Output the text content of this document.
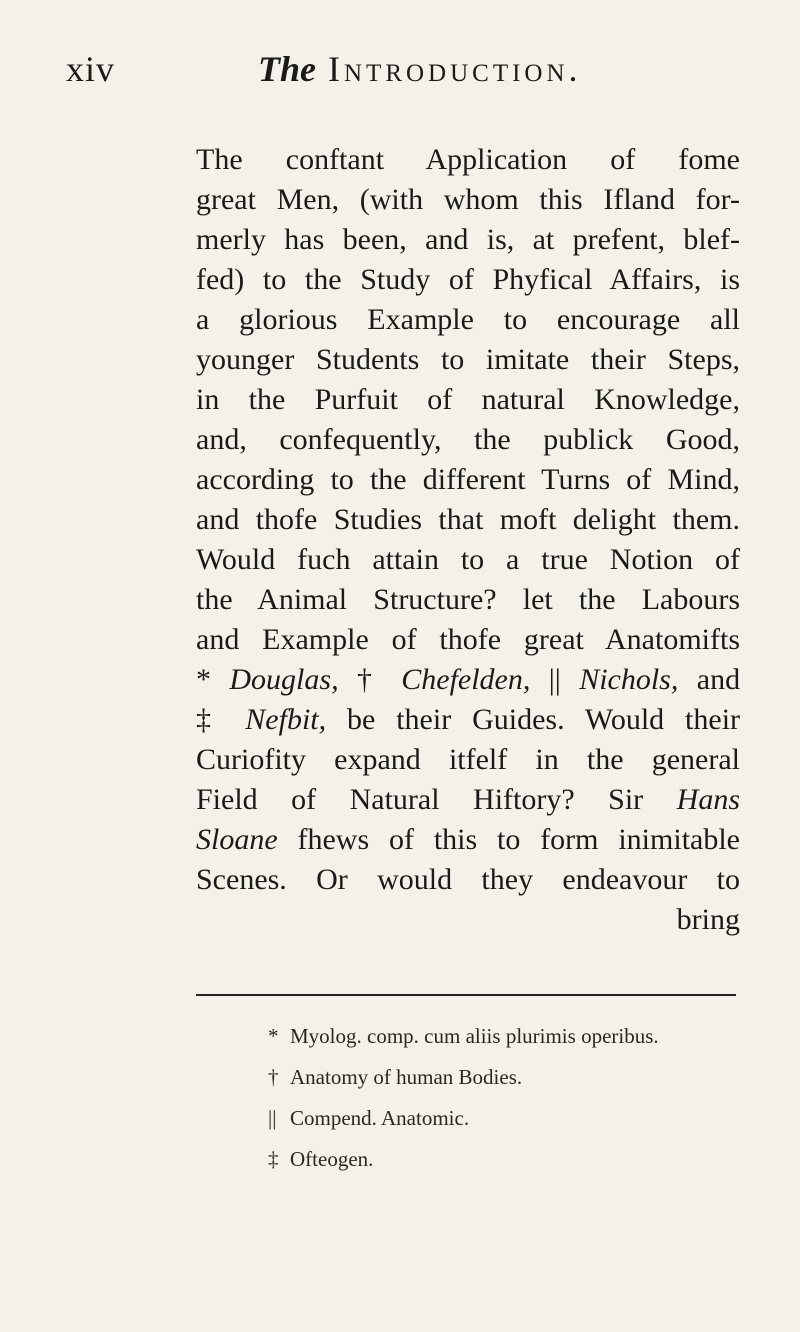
xiv	The Introduction.
The conftant Application of fome
great Men, (with whom this Ifland for-
merly has been, and is, at prefent, blef-
fed) to the Study of Phyfical Affairs, is
a glorious Example to encourage all
younger Students to imitate their Steps,
in the Purfuit of natural Knowledge,
and, confequently, the publick Good,
according to the different Turns of Mind,
and thofe Studies that moft delight them.
Would fuch attain to a true Notion of
the Animal Structure? let the Labours
and Example of thofe great Anatomifts
* Douglas, † Chefelden, || Nichols, and
‡ Nefbit, be their Guides. Would their
Curiofity expand itfelf in the general
Field of Natural Hiftory? Sir Hans
Sloane fhews of this to form inimitable
Scenes. Or would they endeavour to
bring
* Myolog. comp. cum aliis plurimis operibus.
† Anatomy of human Bodies.
|| Compend. Anatomic.
‡ Ofteogen.
